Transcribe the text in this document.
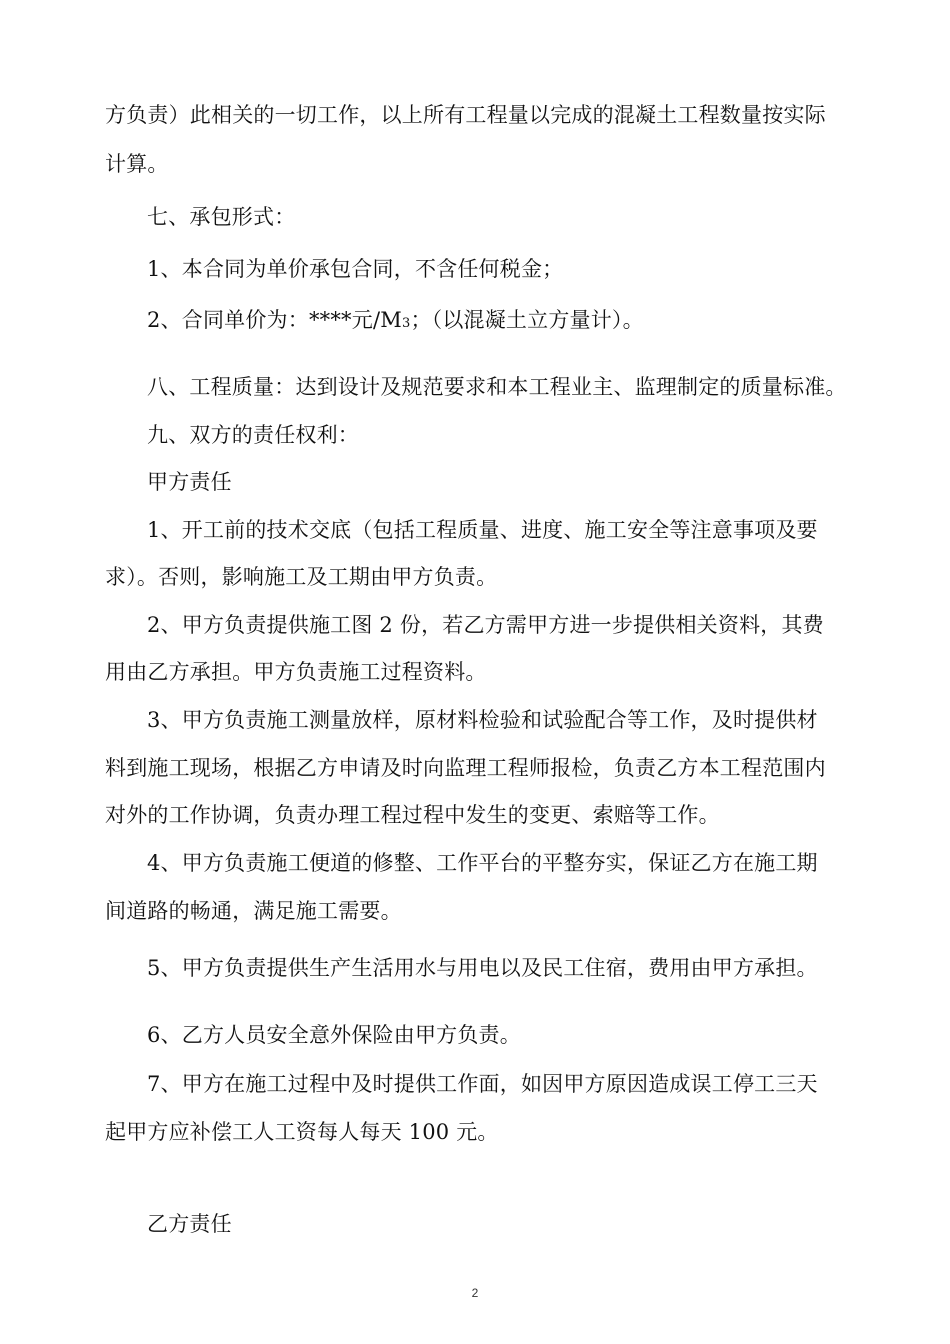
方负责）此相关的一切工作，以上所有工程量以完成的混凝土工程数量按实际
计算。
七、承包形式：
1、本合同为单价承包合同，不含任何税金；
2、合同单价为：****元/M3；（以混凝土立方量计）。
八、工程质量：达到设计及规范要求和本工程业主、监理制定的质量标准。
九、双方的责任权利：
甲方责任
1、开工前的技术交底（包括工程质量、进度、施工安全等注意事项及要
求）。否则，影响施工及工期由甲方负责。
2、甲方负责提供施工图 2 份，若乙方需甲方进一步提供相关资料，其费
用由乙方承担。甲方负责施工过程资料。
3、甲方负责施工测量放样，原材料检验和试验配合等工作，及时提供材
料到施工现场，根据乙方申请及时向监理工程师报检，负责乙方本工程范围内
对外的工作协调，负责办理工程过程中发生的变更、索赔等工作。
4、甲方负责施工便道的修整、工作平台的平整夯实，保证乙方在施工期
间道路的畅通，满足施工需要。
5、甲方负责提供生产生活用水与用电以及民工住宿，费用由甲方承担。
6、乙方人员安全意外保险由甲方负责。
7、甲方在施工过程中及时提供工作面，如因甲方原因造成误工停工三天
起甲方应补偿工人工资每人每天 100 元。
乙方责任
2
